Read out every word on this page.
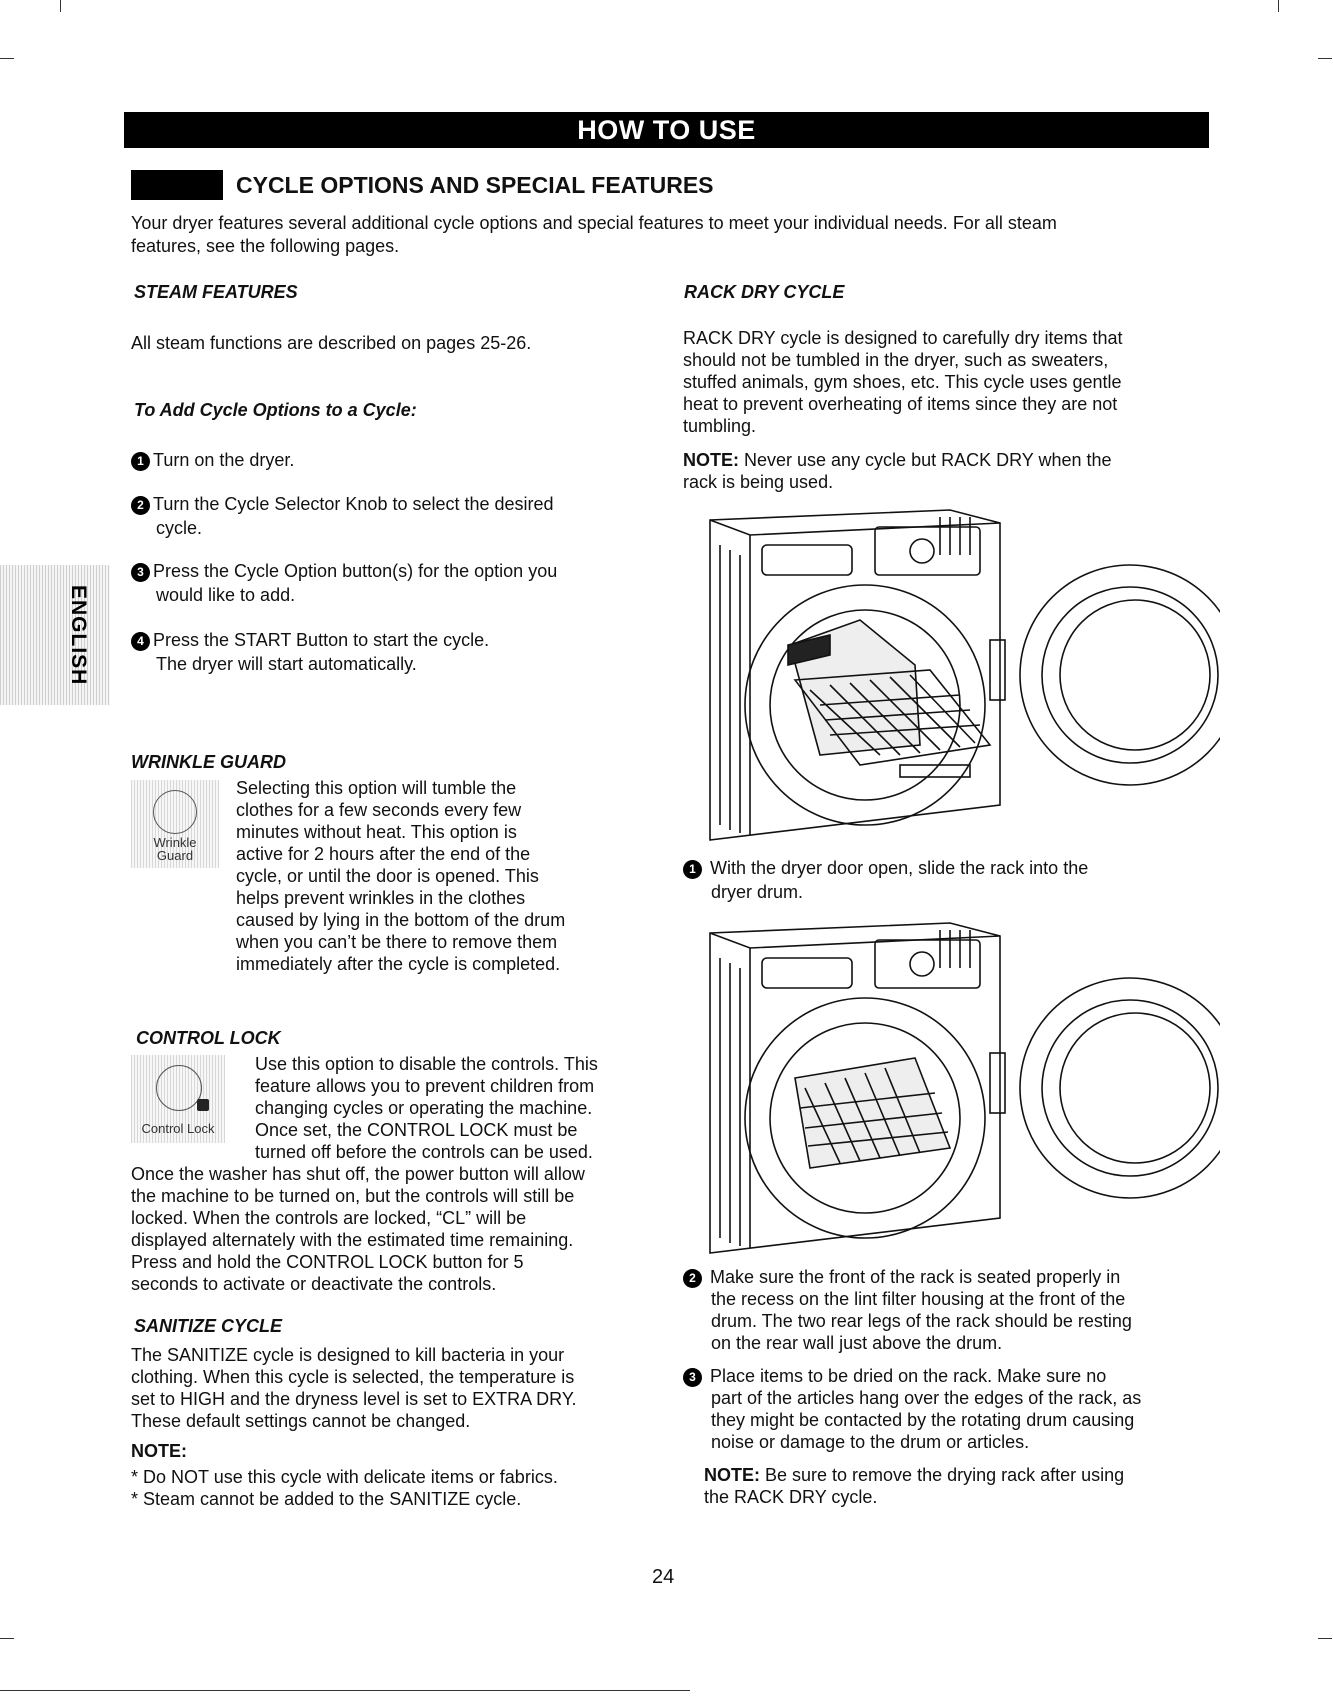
HOW TO USE
CYCLE OPTIONS AND SPECIAL FEATURES
Your dryer features several additional cycle options and special features to meet your individual needs. For all steam
features, see the following pages.
ENGLISH
STEAM FEATURES
All steam functions are described on pages 25-26.
To Add Cycle Options to a Cycle:
1 Turn on the dryer.
2 Turn the Cycle Selector Knob to select the desired
cycle.
3 Press the Cycle Option button(s) for the option you
would like to add.
4 Press the START Button to start the cycle.
The dryer will start automatically.
WRINKLE GUARD
Wrinkle
Guard
Selecting this option will tumble the
clothes for a few seconds every few
minutes without heat. This option is
active for 2 hours after the end of the
cycle, or until the door is opened. This
helps prevent wrinkles in the clothes
caused by lying in the bottom of the drum
when you can’t be there to remove them
immediately after the cycle is completed.
CONTROL LOCK
Control Lock
Use this option to disable the controls. This
feature allows you to prevent children from
changing cycles or operating the machine.
Once set, the CONTROL LOCK must be
turned off before the controls can be used.
Once the washer has shut off, the power button will allow
the machine to be turned on, but the controls will still be
locked. When the controls are locked, “CL” will be
displayed alternately with the estimated time remaining.
Press and hold the CONTROL LOCK button for 5
seconds to activate or deactivate the controls.
SANITIZE CYCLE
The SANITIZE cycle is designed to kill bacteria in your
clothing. When this cycle is selected, the temperature is
set to HIGH and the dryness level is set to EXTRA DRY.
These default settings cannot be changed.
NOTE:
* Do NOT use this cycle with delicate items or fabrics.
* Steam cannot be added to the SANITIZE cycle.
RACK DRY CYCLE
RACK DRY cycle is designed to carefully dry items that
should not be tumbled in the dryer, such as sweaters,
stuffed animals, gym shoes, etc. This cycle uses gentle
heat to prevent overheating of items since they are not
tumbling.
NOTE: Never use any cycle but RACK DRY when the
rack is being used.
1 With the dryer door open, slide the rack into the
dryer drum.
2 Make sure the front of the rack is seated properly in
the recess on the lint filter housing at the front of the
drum. The two rear legs of the rack should be resting
on the rear wall just above the drum.
3 Place items to be dried on the rack. Make sure no
part of the articles hang over the edges of the rack, as
they might be contacted by the rotating drum causing
noise or damage to the drum or articles.
NOTE: Be sure to remove the drying rack after using
the RACK DRY cycle.
24
